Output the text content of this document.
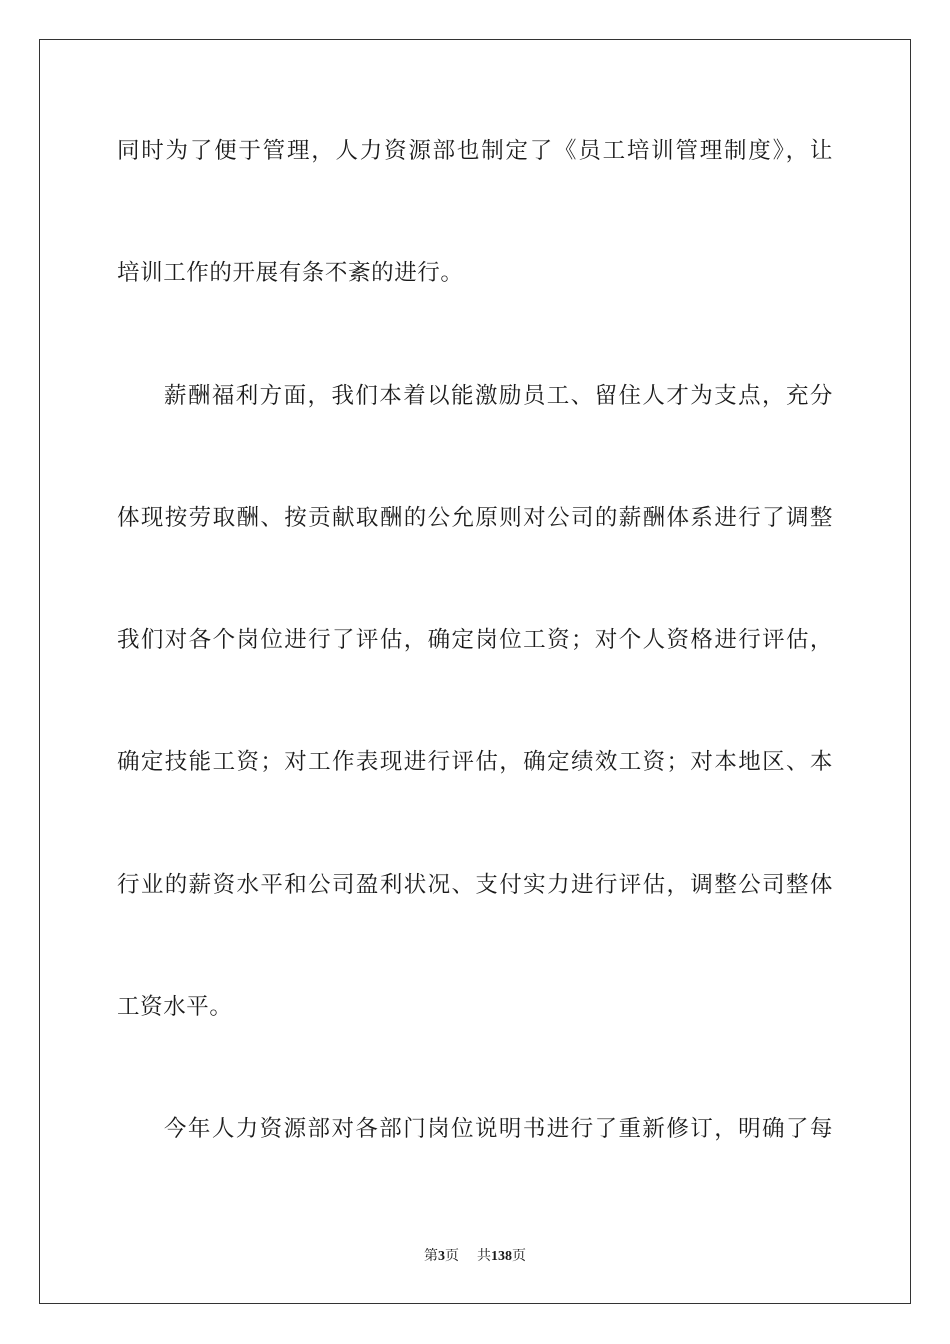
同时为了便于管理，人力资源部也制定了《员工培训管理制度》，让
培训工作的开展有条不紊的进行。
薪酬福利方面，我们本着以能激励员工、留住人才为支点，充分
体现按劳取酬、按贡献取酬的公允原则对公司的薪酬体系进行了调整
我们对各个岗位进行了评估，确定岗位工资；对个人资格进行评估，
确定技能工资；对工作表现进行评估，确定绩效工资；对本地区、本
行业的薪资水平和公司盈利状况、支付实力进行评估，调整公司整体
工资水平。
今年人力资源部对各部门岗位说明书进行了重新修订，明确了每
第3页 共138页
